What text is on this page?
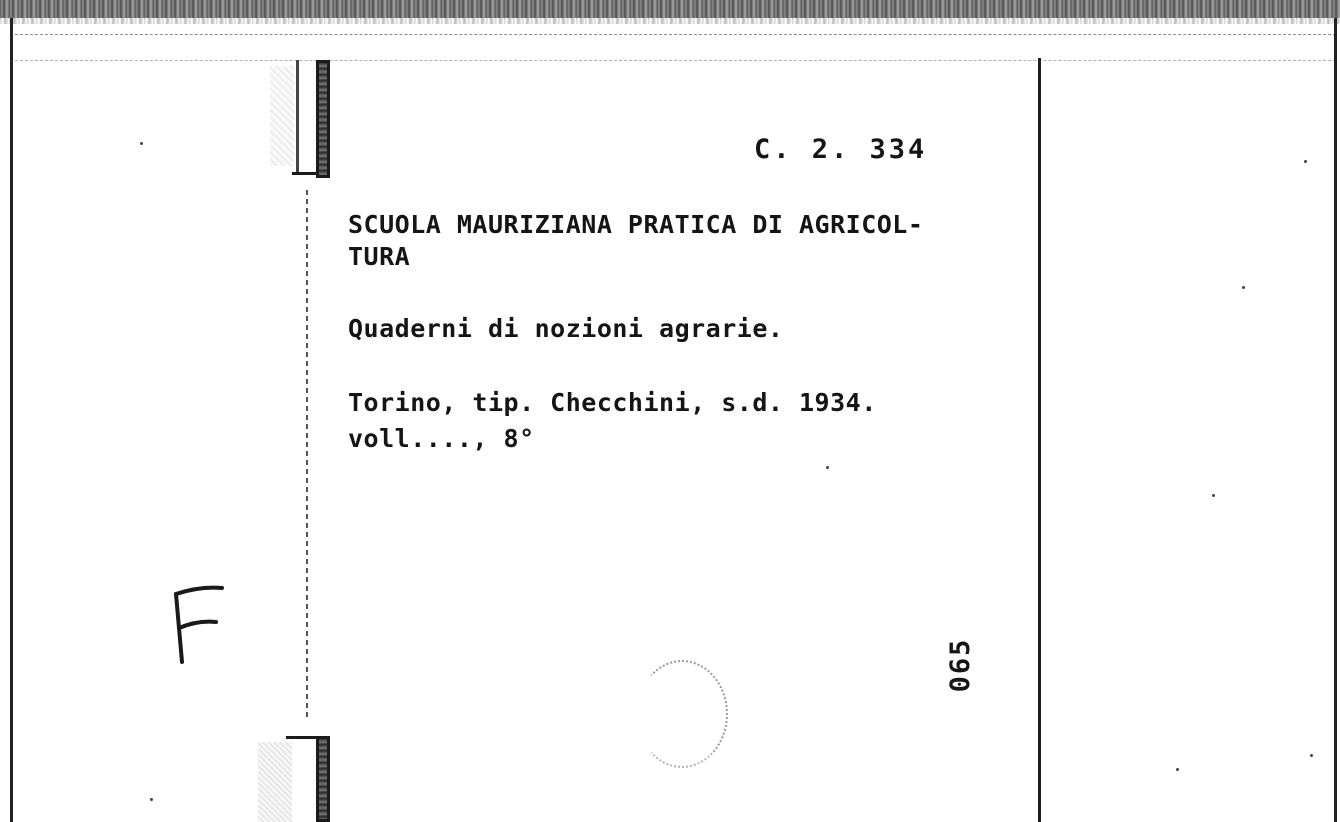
C. 2. 334
SCUOLA MAURIZIANA PRATICA DI AGRICOL-
TURA
Quaderni di nozioni agrarie.
Torino, tip. Checchini, s.d. 1934.
voll...., 8°
065
